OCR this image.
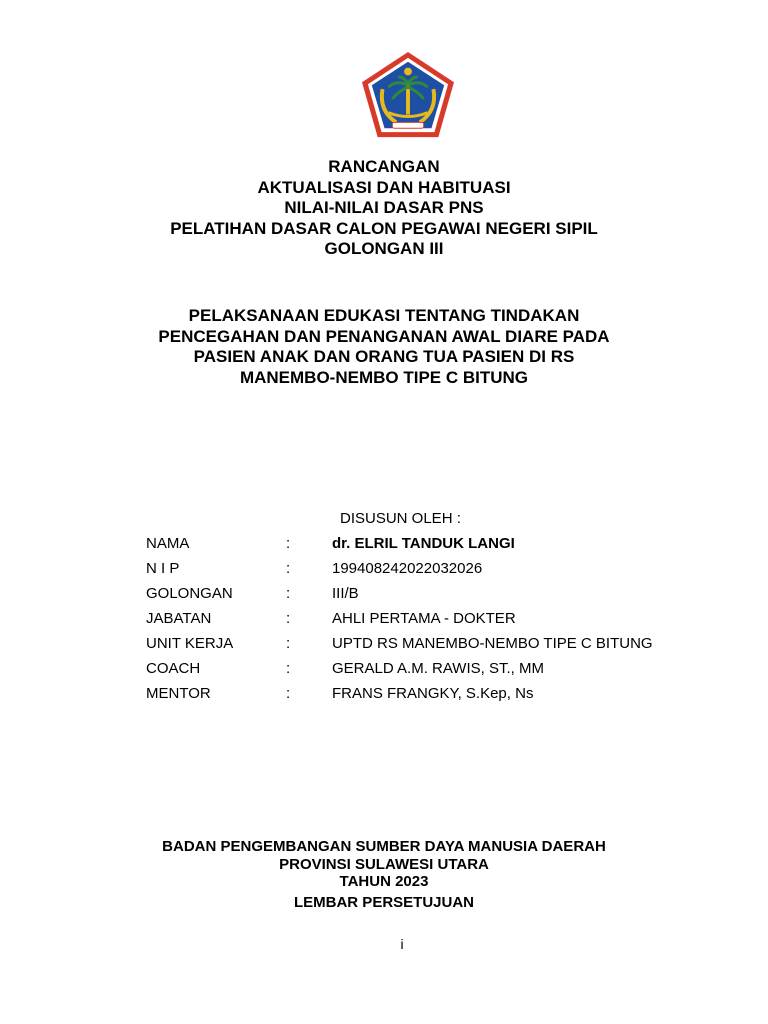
RANCANGAN
AKTUALISASI DAN HABITUASI
NILAI-NILAI DASAR PNS
PELATIHAN DASAR CALON PEGAWAI NEGERI SIPIL
GOLONGAN III
PELAKSANAAN EDUKASI TENTANG TINDAKAN
PENCEGAHAN DAN PENANGANAN AWAL DIARE PADA
PASIEN ANAK DAN ORANG TUA PASIEN DI RS
MANEMBO-NEMBO TIPE C BITUNG
DISUSUN OLEH :
NAMA	:	dr. ELRIL TANDUK LANGI
N I P	:	199408242022032026
GOLONGAN	:	III/B
JABATAN	:	AHLI PERTAMA - DOKTER
UNIT KERJA	:	UPTD RS MANEMBO-NEMBO TIPE C BITUNG
COACH	:	GERALD A.M. RAWIS, ST., MM
MENTOR	:	FRANS FRANGKY, S.Kep, Ns
BADAN PENGEMBANGAN SUMBER DAYA MANUSIA DAERAH
PROVINSI SULAWESI UTARA
TAHUN 2023
LEMBAR PERSETUJUAN
i
